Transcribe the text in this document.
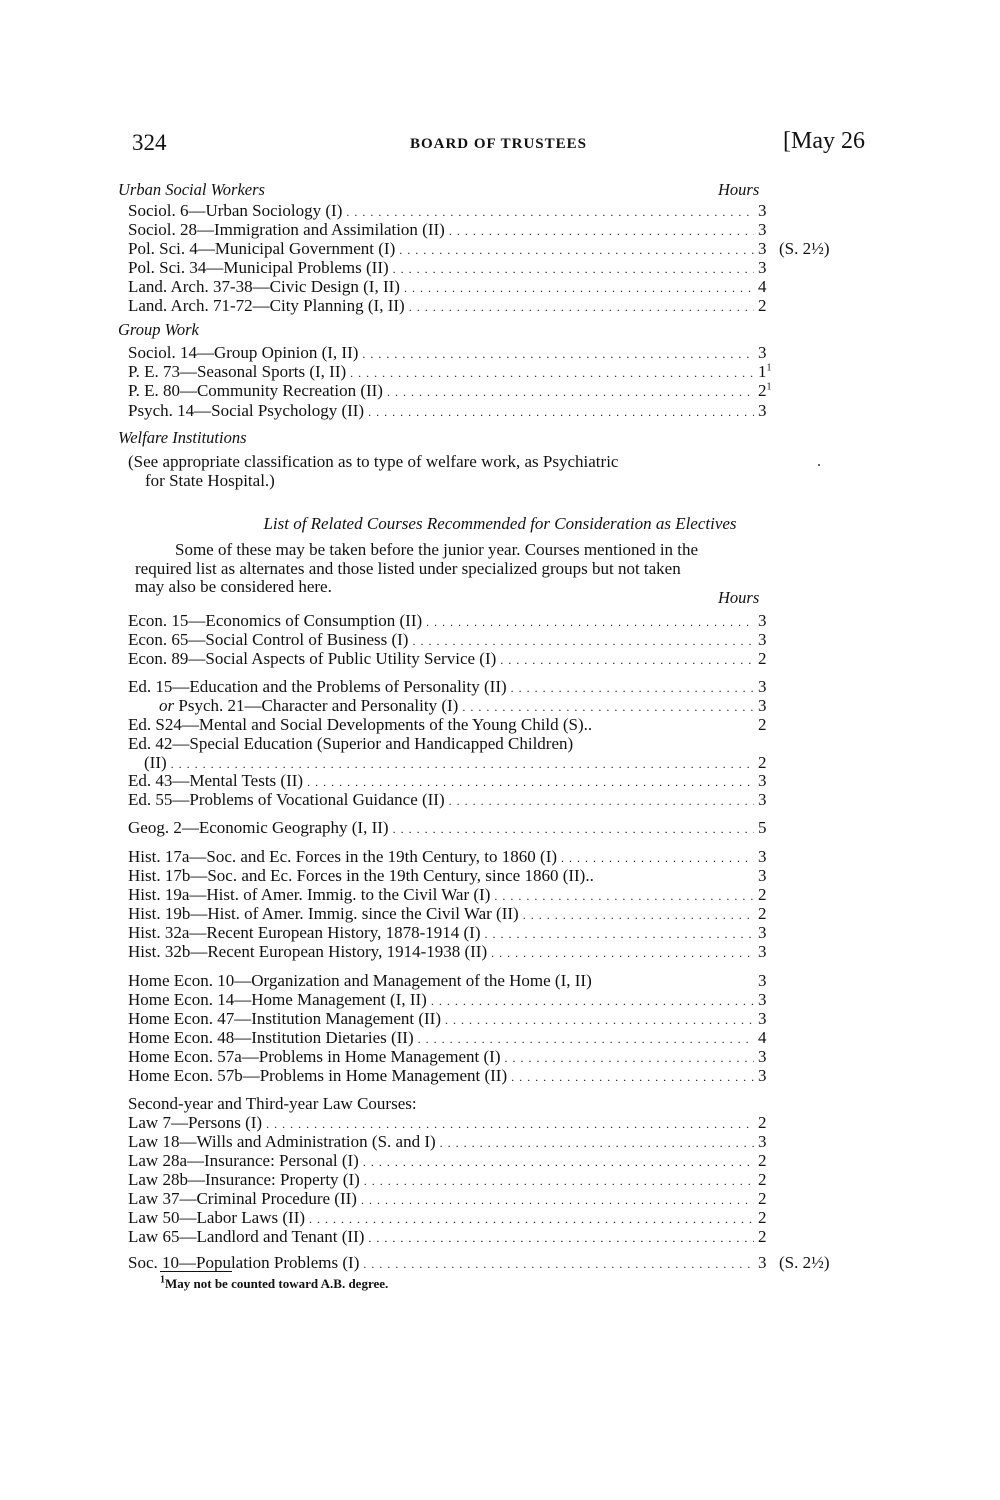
324	BOARD OF TRUSTEES	[May 26
Urban Social Workers	Hours
Sociol. 6—Urban Sociology (I) . . .	3
Sociol. 28—Immigration and Assimilation (II) . . .	3
Pol. Sci. 4—Municipal Government (I) . . .	3 (S. 2½)
Pol. Sci. 34—Municipal Problems (II) . . .	3
Land. Arch. 37-38—Civic Design (I, II) . . .	4
Land. Arch. 71-72—City Planning (I, II) . . .	2
Group Work
Sociol. 14—Group Opinion (I, II) . . .	3
P. E. 73—Seasonal Sports (I, II) . . .	$1^1$
P. E. 80—Community Recreation (II) . . .	$2^1$
Psych. 14—Social Psychology (II) . . .	3
Welfare Institutions
(See appropriate classification as to type of welfare work, as Psychiatric
for State Hospital.)
List of Related Courses Recommended for Consideration as Electives
Some of these may be taken before the junior year. Courses mentioned in the
required list as alternates and those listed under specialized groups but not taken
may also be considered here.
Hours
Econ. 15—Economics of Consumption (II) . . .	3
Econ. 65—Social Control of Business (I) . . .	3
Econ. 89—Social Aspects of Public Utility Service (I) . . .	2
Ed. 15—Education and the Problems of Personality (II) . . .	3
or Psych. 21—Character and Personality (I) . . .	3
Ed. S24—Mental and Social Developments of the Young Child (S)..	2
Ed. 42—Special Education (Superior and Handicapped Children)
(II) . . .	2
Ed. 43—Mental Tests (II) . . .	3
Ed. 55—Problems of Vocational Guidance (II) . . .	3
Geog. 2—Economic Geography (I, II) . . .	5
Hist. 17a—Soc. and Ec. Forces in the 19th Century, to 1860 (I) . . .	3
Hist. 17b—Soc. and Ec. Forces in the 19th Century, since 1860 (II)..	3
Hist. 19a—Hist. of Amer. Immig. to the Civil War (I) . . .	2
Hist. 19b—Hist. of Amer. Immig. since the Civil War (II) . . .	2
Hist. 32a—Recent European History, 1878-1914 (I) . . .	3
Hist. 32b—Recent European History, 1914-1938 (II) . . .	3
Home Econ. 10—Organization and Management of the Home (I, II)	3
Home Econ. 14—Home Management (I, II) . . .	3
Home Econ. 47—Institution Management (II) . . .	3
Home Econ. 48—Institution Dietaries (II) . . .	4
Home Econ. 57a—Problems in Home Management (I) . . .	3
Home Econ. 57b—Problems in Home Management (II) . . .	3
Second-year and Third-year Law Courses:
Law 7—Persons (I) . . .	2
Law 18—Wills and Administration (S. and I) . . .	3
Law 28a—Insurance: Personal (I) . . .	2
Law 28b—Insurance: Property (I) . . .	2
Law 37—Criminal Procedure (II) . . .	2
Law 50—Labor Laws (II) . . .	2
Law 65—Landlord and Tenant (II) . . .	2
Soc. 10—Population Problems (I) . . .	3 (S. 2½)
$^1$May not be counted toward A.B. degree.
